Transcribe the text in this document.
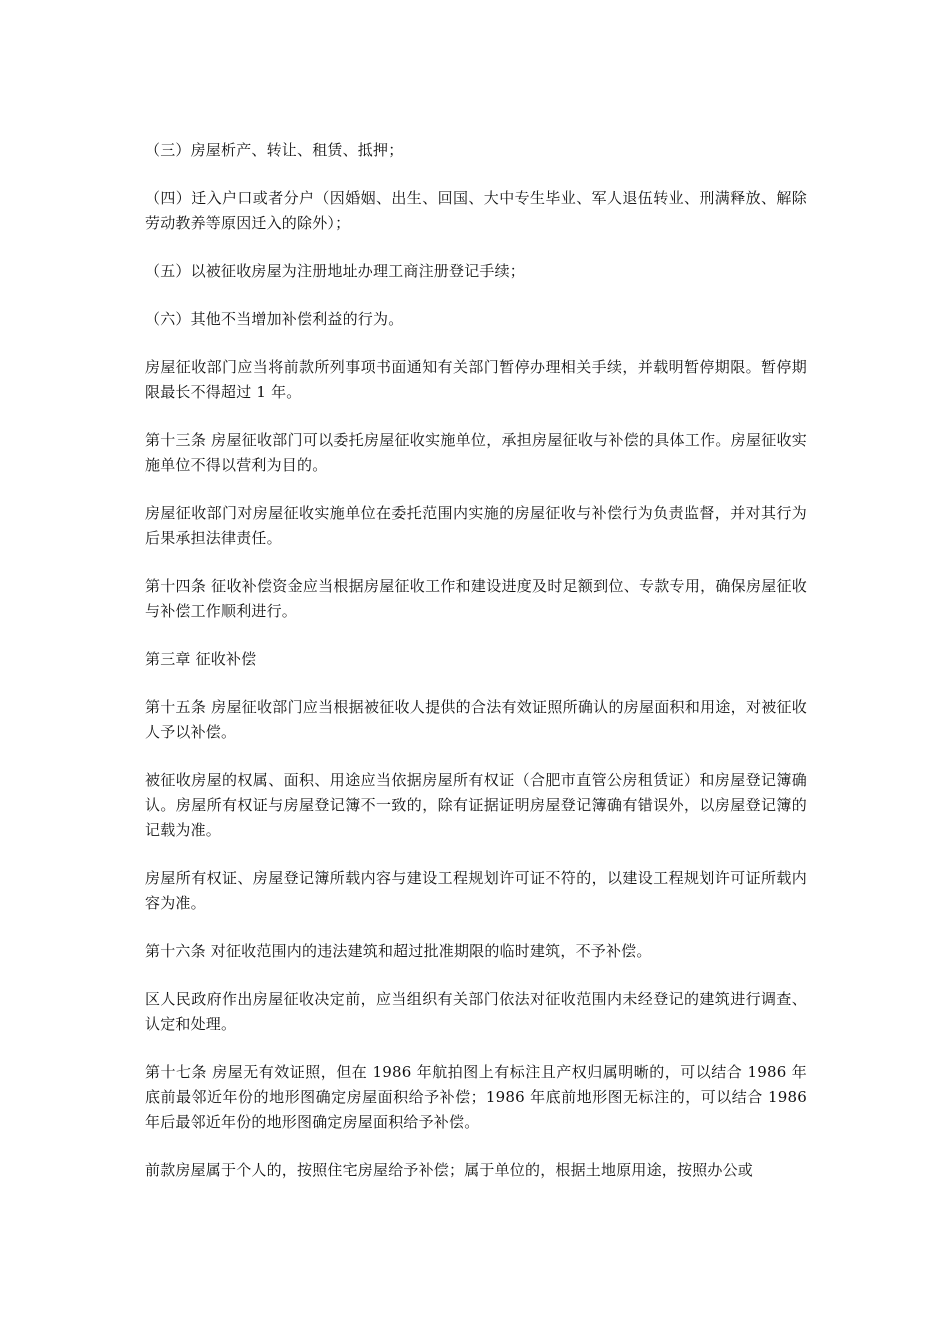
（三）房屋析产、转让、租赁、抵押；

（四）迁入户口或者分户（因婚姻、出生、回国、大中专生毕业、军人退伍转业、刑满释放、解除劳动教养等原因迁入的除外）；

（五）以被征收房屋为注册地址办理工商注册登记手续；

（六）其他不当增加补偿利益的行为。

房屋征收部门应当将前款所列事项书面通知有关部门暂停办理相关手续，并载明暂停期限。暂停期限最长不得超过 1 年。

第十三条 房屋征收部门可以委托房屋征收实施单位，承担房屋征收与补偿的具体工作。房屋征收实施单位不得以营利为目的。

房屋征收部门对房屋征收实施单位在委托范围内实施的房屋征收与补偿行为负责监督，并对其行为后果承担法律责任。

第十四条 征收补偿资金应当根据房屋征收工作和建设进度及时足额到位、专款专用，确保房屋征收与补偿工作顺利进行。

第三章 征收补偿

第十五条 房屋征收部门应当根据被征收人提供的合法有效证照所确认的房屋面积和用途，对被征收人予以补偿。

被征收房屋的权属、面积、用途应当依据房屋所有权证（合肥市直管公房租赁证）和房屋登记簿确认。房屋所有权证与房屋登记簿不一致的，除有证据证明房屋登记簿确有错误外，以房屋登记簿的记载为准。

房屋所有权证、房屋登记簿所载内容与建设工程规划许可证不符的，以建设工程规划许可证所载内容为准。

第十六条 对征收范围内的违法建筑和超过批准期限的临时建筑，不予补偿。

区人民政府作出房屋征收决定前，应当组织有关部门依法对征收范围内未经登记的建筑进行调查、认定和处理。

第十七条 房屋无有效证照，但在 1986 年航拍图上有标注且产权归属明晰的，可以结合 1986 年底前最邻近年份的地形图确定房屋面积给予补偿；1986 年底前地形图无标注的，可以结合 1986 年后最邻近年份的地形图确定房屋面积给予补偿。

前款房屋属于个人的，按照住宅房屋给予补偿；属于单位的，根据土地原用途，按照办公或
